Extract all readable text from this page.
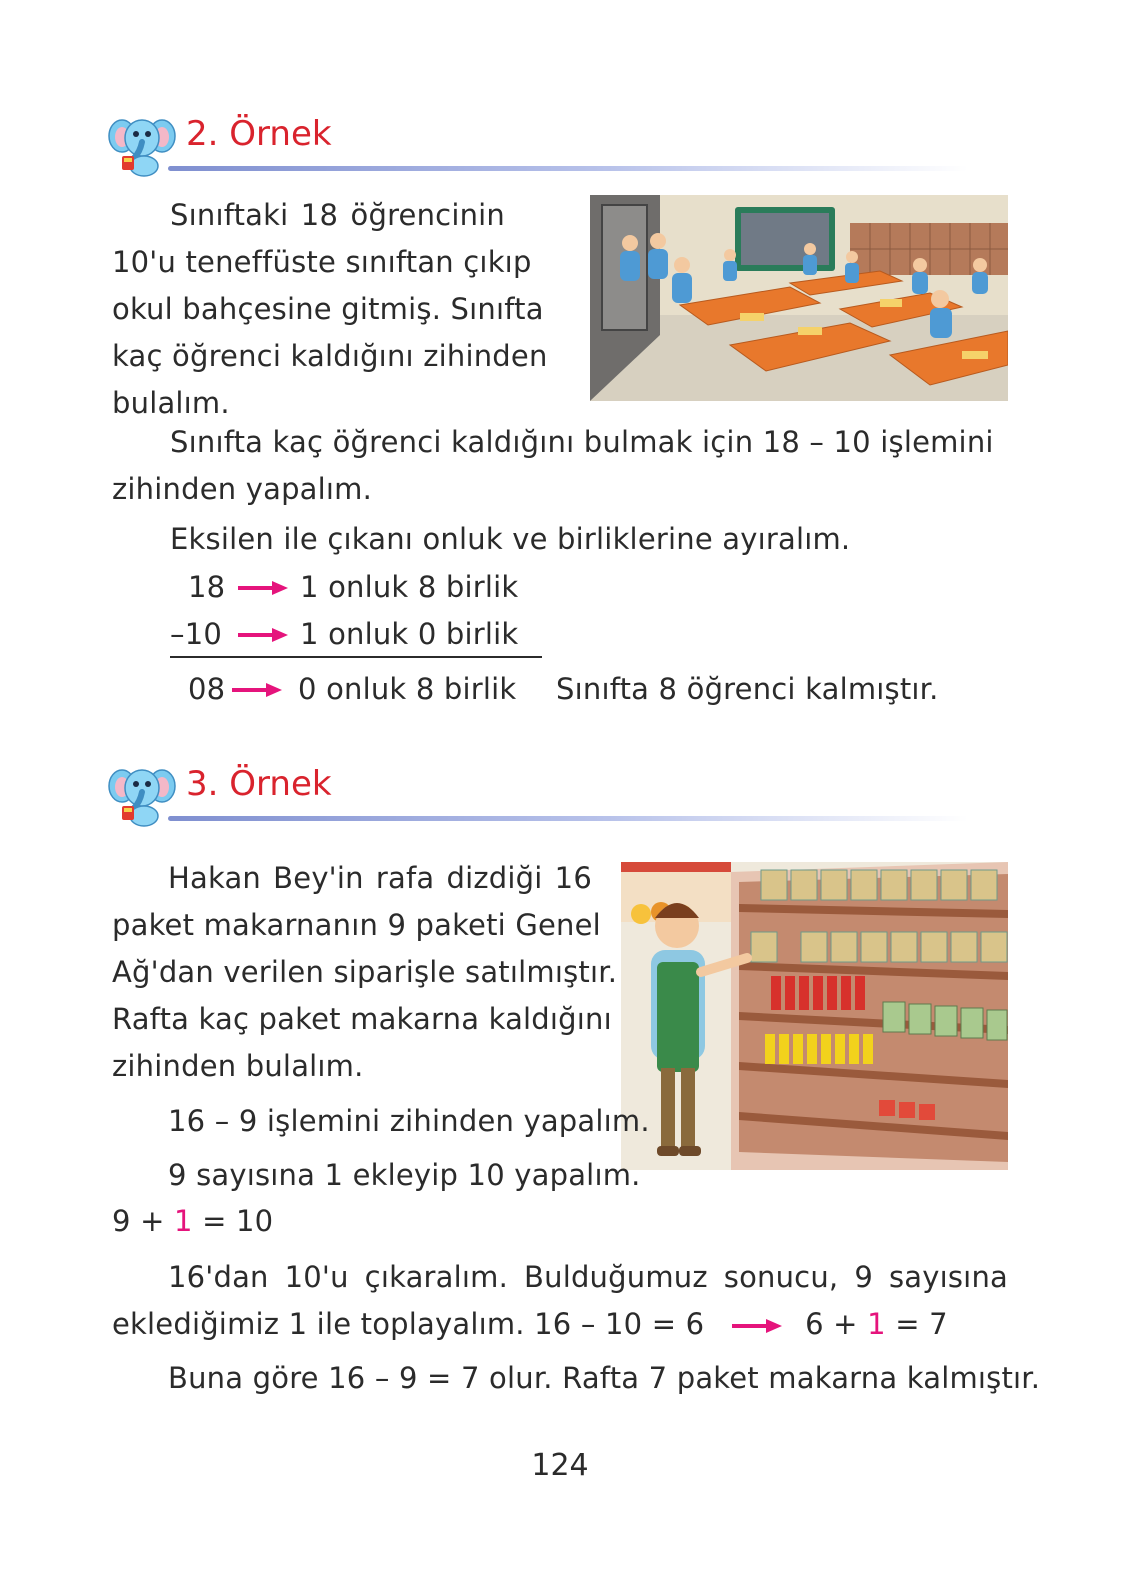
2. Örnek
Sınıftaki 18 öğrencinin
10'u teneffüste sınıftan çıkıp
okul bahçesine gitmiş. Sınıfta
kaç öğrenci kaldığını zihinden
bulalım.
Sınıfta kaç öğrenci kaldığını bulmak için 18 – 10 işlemini
zihinden yapalım.
Eksilen ile çıkanı onluk ve birliklerine ayıralım.
18	1 onluk 8 birlik
–10	1 onluk 0 birlik
08	0 onluk 8 birlik Sınıfta 8 öğrenci kalmıştır.
3. Örnek
Hakan Bey'in rafa dizdiği 16
paket makarnanın 9 paketi Genel
Ağ'dan verilen siparişle satılmıştır.
Rafta kaç paket makarna kaldığını
zihinden bulalım.
16 – 9 işlemini zihinden yapalım.
9 sayısına 1 ekleyip 10 yapalım.
9 + 1 = 10
16'dan 10'u çıkaralım. Bulduğumuz sonucu, 9 sayısına
eklediğimiz 1 ile toplayalım. 16 – 10 = 6	6 + 1 = 7
Buna göre 16 – 9 = 7 olur. Rafta 7 paket makarna kalmıştır.
124
